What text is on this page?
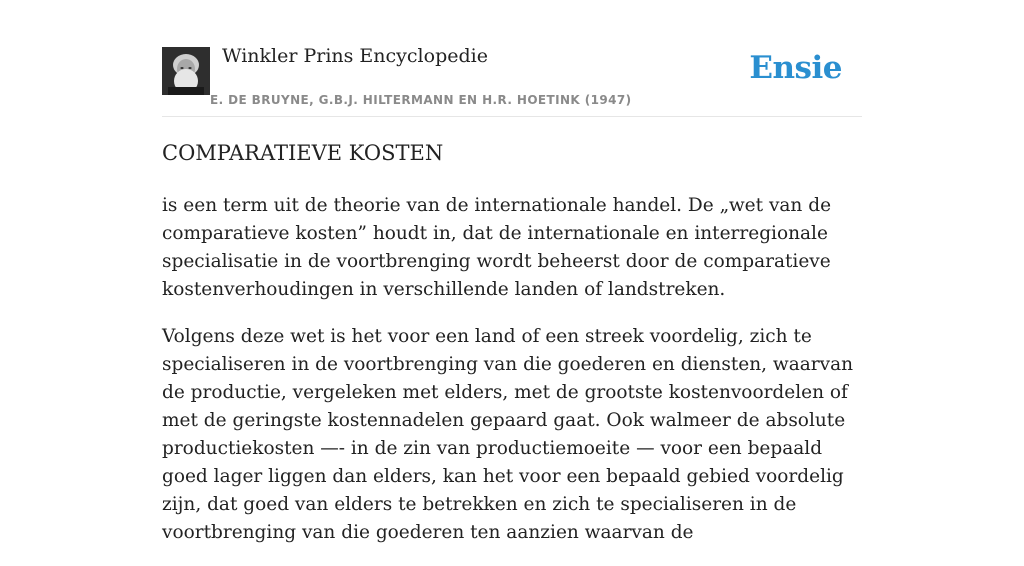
Winkler Prins Encyclopedie
E. DE BRUYNE, G.B.J. HILTERMANN EN H.R. HOETINK (1947)
Ensie
COMPARATIEVE KOSTEN

is een term uit de theorie van de internationale handel. De „wet van de comparatieve kosten” houdt in, dat de internationale en interregionale specialisatie in de voortbrenging wordt beheerst door de comparatieve kostenverhoudingen in verschillende landen of landstreken.

Volgens deze wet is het voor een land of een streek voordelig, zich te specialiseren in de voortbrenging van die goederen en diensten, waarvan de productie, vergeleken met elders, met de grootste kostenvoordelen of met de geringste kostennadelen gepaard gaat. Ook walmeer de absolute productiekosten —- in de zin van productiemoeite — voor een bepaald goed lager liggen dan elders, kan het voor een bepaald gebied voordelig zijn, dat goed van elders te betrekken en zich te specialiseren in de voortbrenging van die goederen ten aanzien waarvan de
